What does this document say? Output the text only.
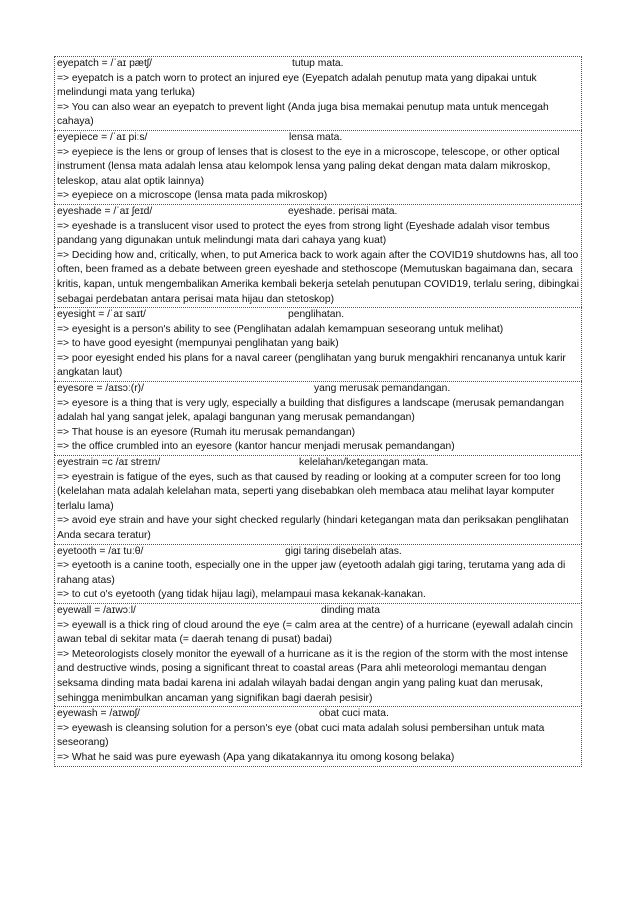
eyepatch = /ˈaɪ pætʃ/	tutup mata.
=> eyepatch is a patch worn to protect an injured eye (Eyepatch adalah penutup mata yang dipakai untuk melindungi mata yang terluka)
=> You can also wear an eyepatch to prevent light (Anda juga bisa memakai penutup mata untuk mencegah cahaya)
eyepiece = /ˈaɪ piːs/	lensa mata.
=> eyepiece is the lens or group of lenses that is closest to the eye in a microscope, telescope, or other optical instrument (lensa mata adalah lensa atau kelompok lensa yang paling dekat dengan mata dalam mikroskop, teleskop, atau alat optik lainnya)
=> eyepiece on a microscope (lensa mata pada mikroskop)
eyeshade = /ˈaɪ ʃeɪd/	eyeshade. perisai mata.
=> eyeshade is a translucent visor used to protect the eyes from strong light (Eyeshade adalah visor tembus pandang yang digunakan untuk melindungi mata dari cahaya yang kuat)
=> Deciding how and, critically, when, to put America back to work again after the COVID19 shutdowns has, all too often, been framed as a debate between green eyeshade and stethoscope (Memutuskan bagaimana dan, secara kritis, kapan, untuk mengembalikan Amerika kembali bekerja setelah penutupan COVID19, terlalu sering, dibingkai sebagai perdebatan antara perisai mata hijau dan stetoskop)
eyesight = /ˈaɪ saɪt/	penglihatan.
=> eyesight is a person's ability to see (Penglihatan adalah kemampuan seseorang untuk melihat)
=> to have good eyesight (mempunyai penglihatan yang baik)
=> poor eyesight ended his plans for a naval career (penglihatan yang buruk mengakhiri rencananya untuk karir angkatan laut)
eyesore = /aɪsɔː(r)/	yang merusak pemandangan.
=> eyesore is a thing that is very ugly, especially a building that disfigures a landscape (merusak pemandangan adalah hal yang sangat jelek, apalagi bangunan yang merusak pemandangan)
=> That house is an eyesore (Rumah itu merusak pemandangan)
=> the office crumbled into an eyesore (kantor hancur menjadi merusak pemandangan)
eyestrain =c /aɪ streɪn/	kelelahan/ketegangan mata.
=> eyestrain is fatigue of the eyes, such as that caused by reading or looking at a computer screen for too long (kelelahan mata adalah kelelahan mata, seperti yang disebabkan oleh membaca atau melihat layar komputer terlalu lama)
=> avoid eye strain and have your sight checked regularly (hindari ketegangan mata dan periksakan penglihatan Anda secara teratur)
eyetooth = /aɪ tuːθ/	gigi taring disebelah atas.
=> eyetooth is a canine tooth, especially one in the upper jaw (eyetooth adalah gigi taring, terutama yang ada di rahang atas)
=> to cut o's eyetooth (yang tidak hijau lagi), melampaui masa kekanak-kanakan.
eyewall = /aɪwɔːl/	dinding mata
=> eyewall is a thick ring of cloud around the eye (= calm area at the centre) of a hurricane (eyewall adalah cincin awan tebal di sekitar mata (= daerah tenang di pusat) badai)
=> Meteorologists closely monitor the eyewall of a hurricane as it is the region of the storm with the most intense and destructive winds, posing a significant threat to coastal areas (Para ahli meteorologi memantau dengan seksama dinding mata badai karena ini adalah wilayah badai dengan angin yang paling kuat dan merusak, sehingga menimbulkan ancaman yang signifikan bagi daerah pesisir)
eyewash = /aɪwɒʃ/	obat cuci mata.
=> eyewash is cleansing solution for a person's eye (obat cuci mata adalah solusi pembersihan untuk mata seseorang)
=> What he said was pure eyewash (Apa yang dikatakannya itu omong kosong belaka)
